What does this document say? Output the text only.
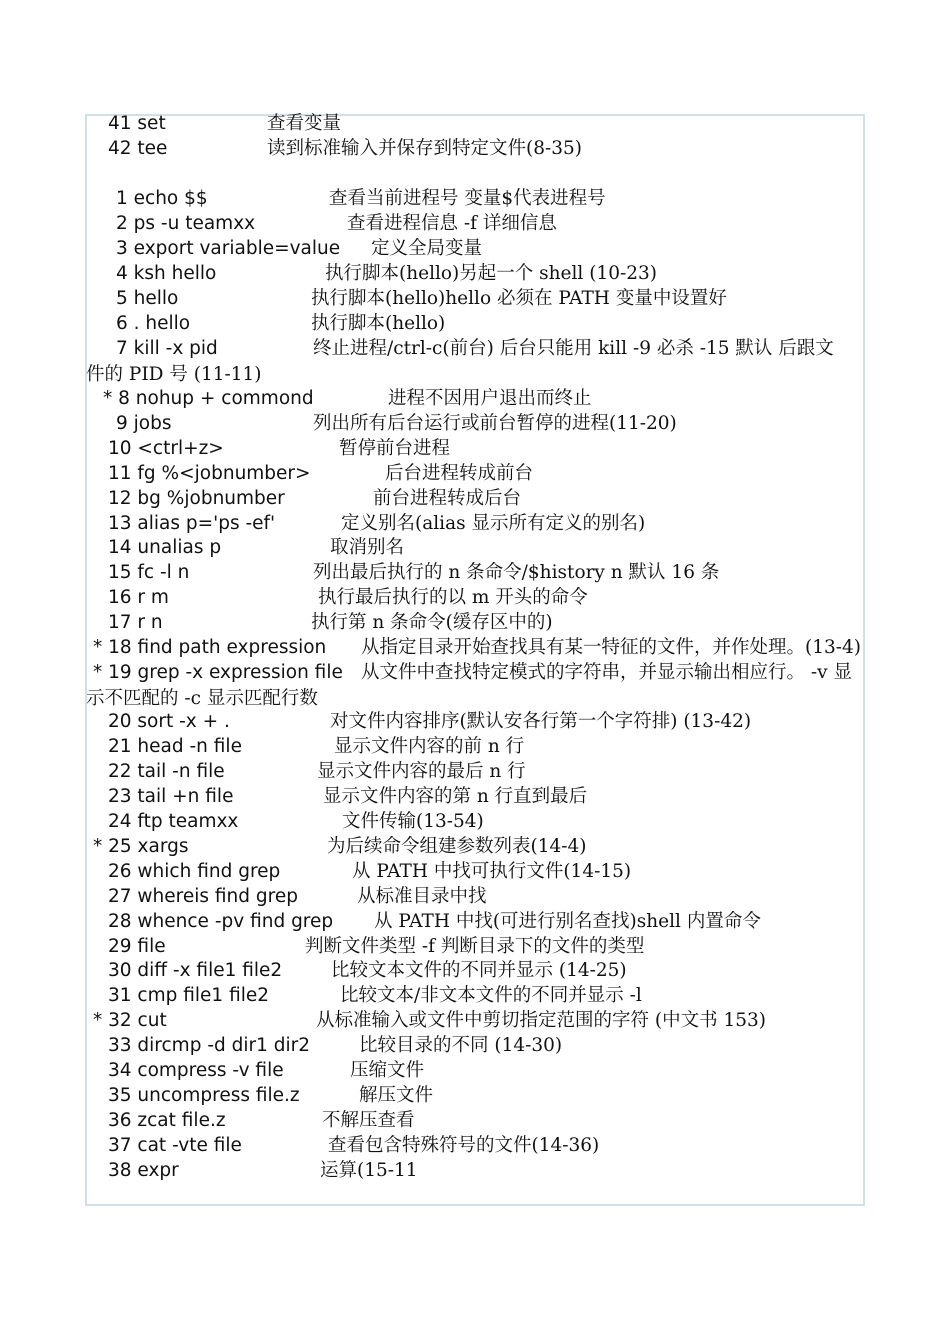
41 set	查看变量
42 tee	读到标准输入并保存到特定文件(8-35)
1 echo $$	查看当前进程号 变量$代表进程号
2 ps -u teamxx	查看进程信息 -f 详细信息
3 export variable=value 定义全局变量
4 ksh hello	执行脚本(hello)另起一个 shell (10-23)
5 hello	执行脚本(hello)hello 必须在 PATH 变量中设置好
6 . hello	执行脚本(hello)
7 kill -x pid	终止进程/ctrl-c(前台) 后台只能用 kill -9 必杀 -15 默认 后跟文
件的 PID 号 (11-11)
* 8 nohup + commond	进程不因用户退出而终止
9 jobs	列出所有后台运行或前台暂停的进程(11-20)
10 <ctrl+z>	暂停前台进程
11 fg %<jobnumber>	后台进程转成前台
12 bg %jobnumber	前台进程转成后台
13 alias p='ps -ef'	定义别名(alias 显示所有定义的别名)
14 unalias p	取消别名
15 fc -l n	列出最后执行的 n 条命令/$history n 默认 16 条
16 r m	执行最后执行的以 m 开头的命令
17 r n	执行第 n 条命令(缓存区中的)
* 18 find path expression 从指定目录开始查找具有某一特征的文件，并作处理。(13-4)
* 19 grep -x expression file 从文件中查找特定模式的字符串，并显示输出相应行。 -v 显
示不匹配的 -c 显示匹配行数
20 sort -x + .	对文件内容排序(默认安各行第一个字符排) (13-42)
21 head -n file	显示文件内容的前 n 行
22 tail -n file	显示文件内容的最后 n 行
23 tail +n file	显示文件内容的第 n 行直到最后
24 ftp teamxx	文件传输(13-54)
* 25 xargs	为后续命令组建参数列表(14-4)
26 which find grep	从 PATH 中找可执行文件(14-15)
27 whereis find grep	从标准目录中找
28 whence -pv find grep 从 PATH 中找(可进行别名查找)shell 内置命令
29 file	判断文件类型 -f 判断目录下的文件的类型
30 diff -x file1 file2	比较文本文件的不同并显示 (14-25)
31 cmp file1 file2	比较文本/非文本文件的不同并显示 -l
* 32 cut	从标准输入或文件中剪切指定范围的字符 (中文书 153)
33 dircmp -d dir1 dir2	比较目录的不同 (14-30)
34 compress -v file	压缩文件
35 uncompress file.z	解压文件
36 zcat file.z	不解压查看
37 cat -vte file	查看包含特殊符号的文件(14-36)
38 expr	运算(15-11
